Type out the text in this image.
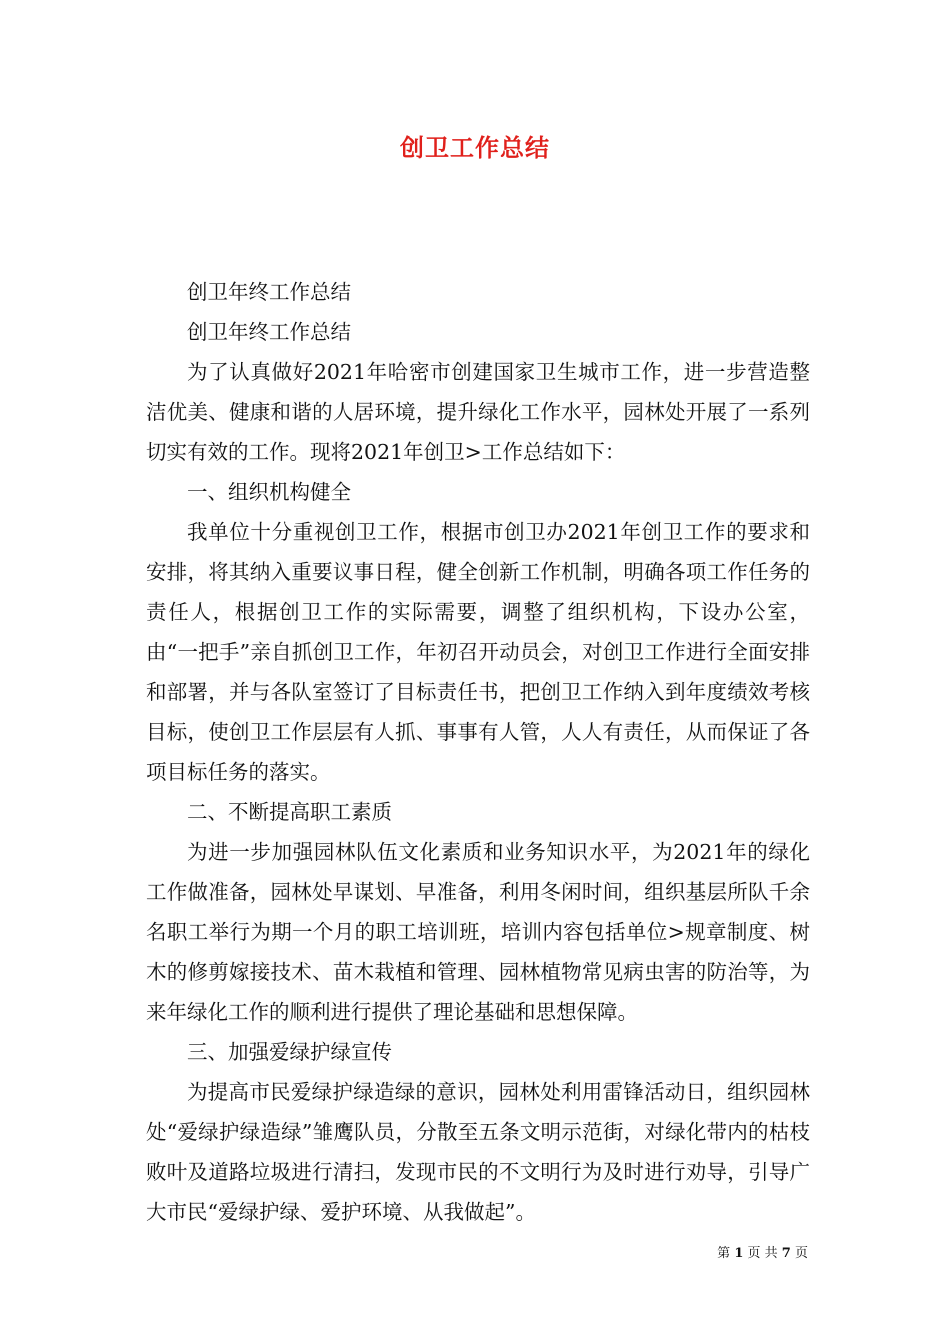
创卫工作总结

创卫年终工作总结

创卫年终工作总结

为了认真做好2021年哈密市创建国家卫生城市工作，进一步营造整洁优美、健康和谐的人居环境，提升绿化工作水平，园林处开展了一系列切实有效的工作。现将2021年创卫>工作总结如下：

一、组织机构健全

我单位十分重视创卫工作，根据市创卫办2021年创卫工作的要求和安排，将其纳入重要议事日程，健全创新工作机制，明确各项工作任务的责任人，根据创卫工作的实际需要，调整了组织机构，下设办公室，由“一把手”亲自抓创卫工作，年初召开动员会，对创卫工作进行全面安排和部署，并与各队室签订了目标责任书，把创卫工作纳入到年度绩效考核目标，使创卫工作层层有人抓、事事有人管，人人有责任，从而保证了各项目标任务的落实。

二、不断提高职工素质

为进一步加强园林队伍文化素质和业务知识水平，为2021年的绿化工作做准备，园林处早谋划、早准备，利用冬闲时间，组织基层所队千余名职工举行为期一个月的职工培训班，培训内容包括单位>规章制度、树木的修剪嫁接技术、苗木栽植和管理、园林植物常见病虫害的防治等，为来年绿化工作的顺利进行提供了理论基础和思想保障。

三、加强爱绿护绿宣传

为提高市民爱绿护绿造绿的意识，园林处利用雷锋活动日，组织园林处“爱绿护绿造绿”雏鹰队员，分散至五条文明示范街，对绿化带内的枯枝败叶及道路垃圾进行清扫，发现市民的不文明行为及时进行劝导，引导广大市民“爱绿护绿、爱护环境、从我做起”。

第 1 页 共 7 页
